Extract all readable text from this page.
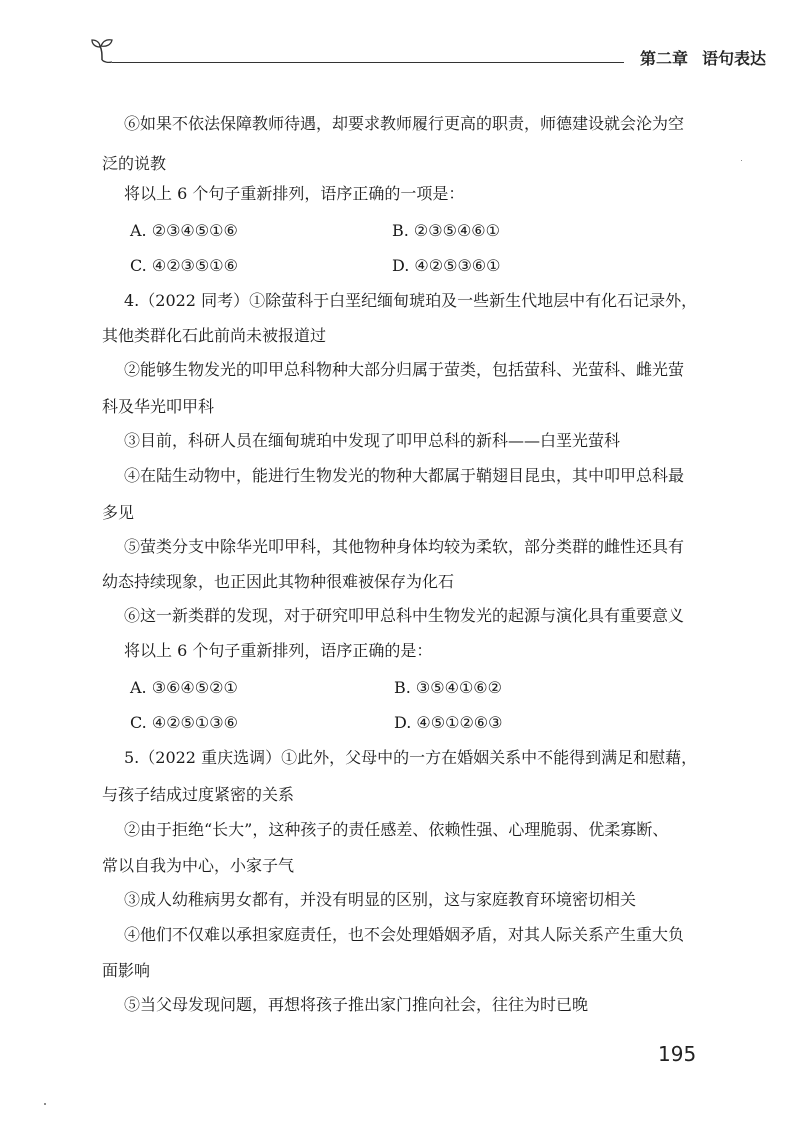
第二章 语句表达
⑥如果不依法保障教师待遇，却要求教师履行更高的职责，师德建设就会沦为空
泛的说教
将以上 6 个句子重新排列，语序正确的一项是：
A. ②③④⑤①⑥	B. ②③⑤④⑥①
C. ④②③⑤①⑥	D. ④②⑤③⑥①
4.（2022 同考）①除萤科于白垩纪缅甸琥珀及一些新生代地层中有化石记录外，
其他类群化石此前尚未被报道过
②能够生物发光的叩甲总科物种大部分归属于萤类，包括萤科、光萤科、雌光萤
科及华光叩甲科
③目前，科研人员在缅甸琥珀中发现了叩甲总科的新科——白垩光萤科
④在陆生动物中，能进行生物发光的物种大都属于鞘翅目昆虫，其中叩甲总科最
多见
⑤萤类分支中除华光叩甲科，其他物种身体均较为柔软，部分类群的雌性还具有
幼态持续现象，也正因此其物种很难被保存为化石
⑥这一新类群的发现，对于研究叩甲总科中生物发光的起源与演化具有重要意义
将以上 6 个句子重新排列，语序正确的是：
A. ③⑥④⑤②①	B. ③⑤④①⑥②
C. ④②⑤①③⑥	D. ④⑤①②⑥③
5.（2022 重庆选调）①此外，父母中的一方在婚姻关系中不能得到满足和慰藉，
与孩子结成过度紧密的关系
②由于拒绝“长大”，这种孩子的责任感差、依赖性强、心理脆弱、优柔寡断、
常以自我为中心，小家子气
③成人幼稚病男女都有，并没有明显的区别，这与家庭教育环境密切相关
④他们不仅难以承担家庭责任，也不会处理婚姻矛盾，对其人际关系产生重大负
面影响
⑤当父母发现问题，再想将孩子推出家门推向社会，往往为时已晚
195
